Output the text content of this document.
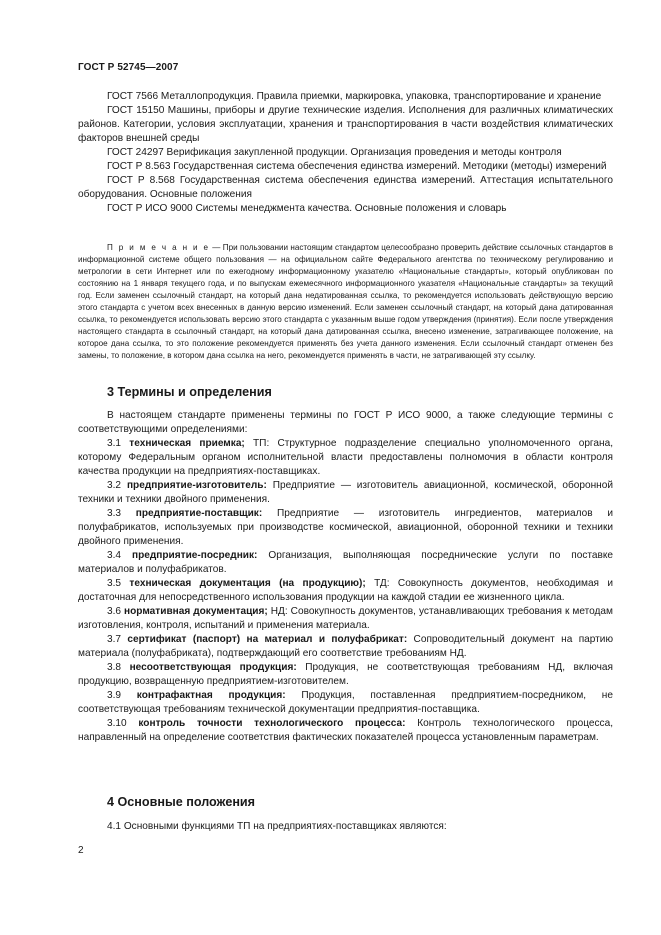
ГОСТ Р 52745—2007

ГОСТ 7566 Металлопродукция. Правила приемки, маркировка, упаковка, транспортирование и хранение

ГОСТ 15150 Машины, приборы и другие технические изделия. Исполнения для различных климатических районов. Категории, условия эксплуатации, хранения и транспортирования в части воздействия климатических факторов внешней среды

ГОСТ 24297 Верификация закупленной продукции. Организация проведения и методы контроля

ГОСТ Р 8.563 Государственная система обеспечения единства измерений. Методики (методы) измерений

ГОСТ Р 8.568 Государственная система обеспечения единства измерений. Аттестация испытательного оборудования. Основные положения

ГОСТ Р ИСО 9000 Системы менеджмента качества. Основные положения и словарь

П р и м е ч а н и е — При пользовании настоящим стандартом целесообразно проверить действие ссылочных стандартов в информационной системе общего пользования — на официальном сайте Федерального агентства по техническому регулированию и метрологии в сети Интернет или по ежегодному информационному указателю «Национальные стандарты», который опубликован по состоянию на 1 января текущего года, и по выпускам ежемесячного информационного указателя «Национальные стандарты» за текущий год. Если заменен ссылочный стандарт, на который дана недатированная ссылка, то рекомендуется использовать действующую версию этого стандарта с учетом всех внесенных в данную версию изменений. Если заменен ссылочный стандарт, на который дана датированная ссылка, то рекомендуется использовать версию этого стандарта с указанным выше годом утверждения (принятия). Если после утверждения настоящего стандарта в ссылочный стандарт, на который дана датированная ссылка, внесено изменение, затрагивающее положение, на которое дана ссылка, то это положение рекомендуется применять без учета данного изменения. Если ссылочный стандарт отменен без замены, то положение, в котором дана ссылка на него, рекомендуется применять в части, не затрагивающей эту ссылку.

3 Термины и определения

В настоящем стандарте применены термины по ГОСТ Р ИСО 9000, а также следующие термины с соответствующими определениями:

3.1 техническая приемка; ТП: Структурное подразделение специально уполномоченного органа, которому Федеральным органом исполнительной власти предоставлены полномочия в области контроля качества продукции на предприятиях-поставщиках.

3.2 предприятие-изготовитель: Предприятие — изготовитель авиационной, космической, оборонной техники и техники двойного применения.

3.3 предприятие-поставщик: Предприятие — изготовитель ингредиентов, материалов и полуфабрикатов, используемых при производстве космической, авиационной, оборонной техники и техники двойного применения.

3.4 предприятие-посредник: Организация, выполняющая посреднические услуги по поставке материалов и полуфабрикатов.

3.5 техническая документация (на продукцию); ТД: Совокупность документов, необходимая и достаточная для непосредственного использования продукции на каждой стадии ее жизненного цикла.

3.6 нормативная документация; НД: Совокупность документов, устанавливающих требования к методам изготовления, контроля, испытаний и применения материала.

3.7 сертификат (паспорт) на материал и полуфабрикат: Сопроводительный документ на партию материала (полуфабриката), подтверждающий его соответствие требованиям НД.

3.8 несоответствующая продукция: Продукция, не соответствующая требованиям НД, включая продукцию, возвращенную предприятием-изготовителем.

3.9 контрафактная продукция: Продукция, поставленная предприятием-посредником, не соответствующая требованиям технической документации предприятия-поставщика.

3.10 контроль точности технологического процесса: Контроль технологического процесса, направленный на определение соответствия фактических показателей процесса установленным параметрам.

4 Основные положения

4.1 Основными функциями ТП на предприятиях-поставщиках являются:

2
